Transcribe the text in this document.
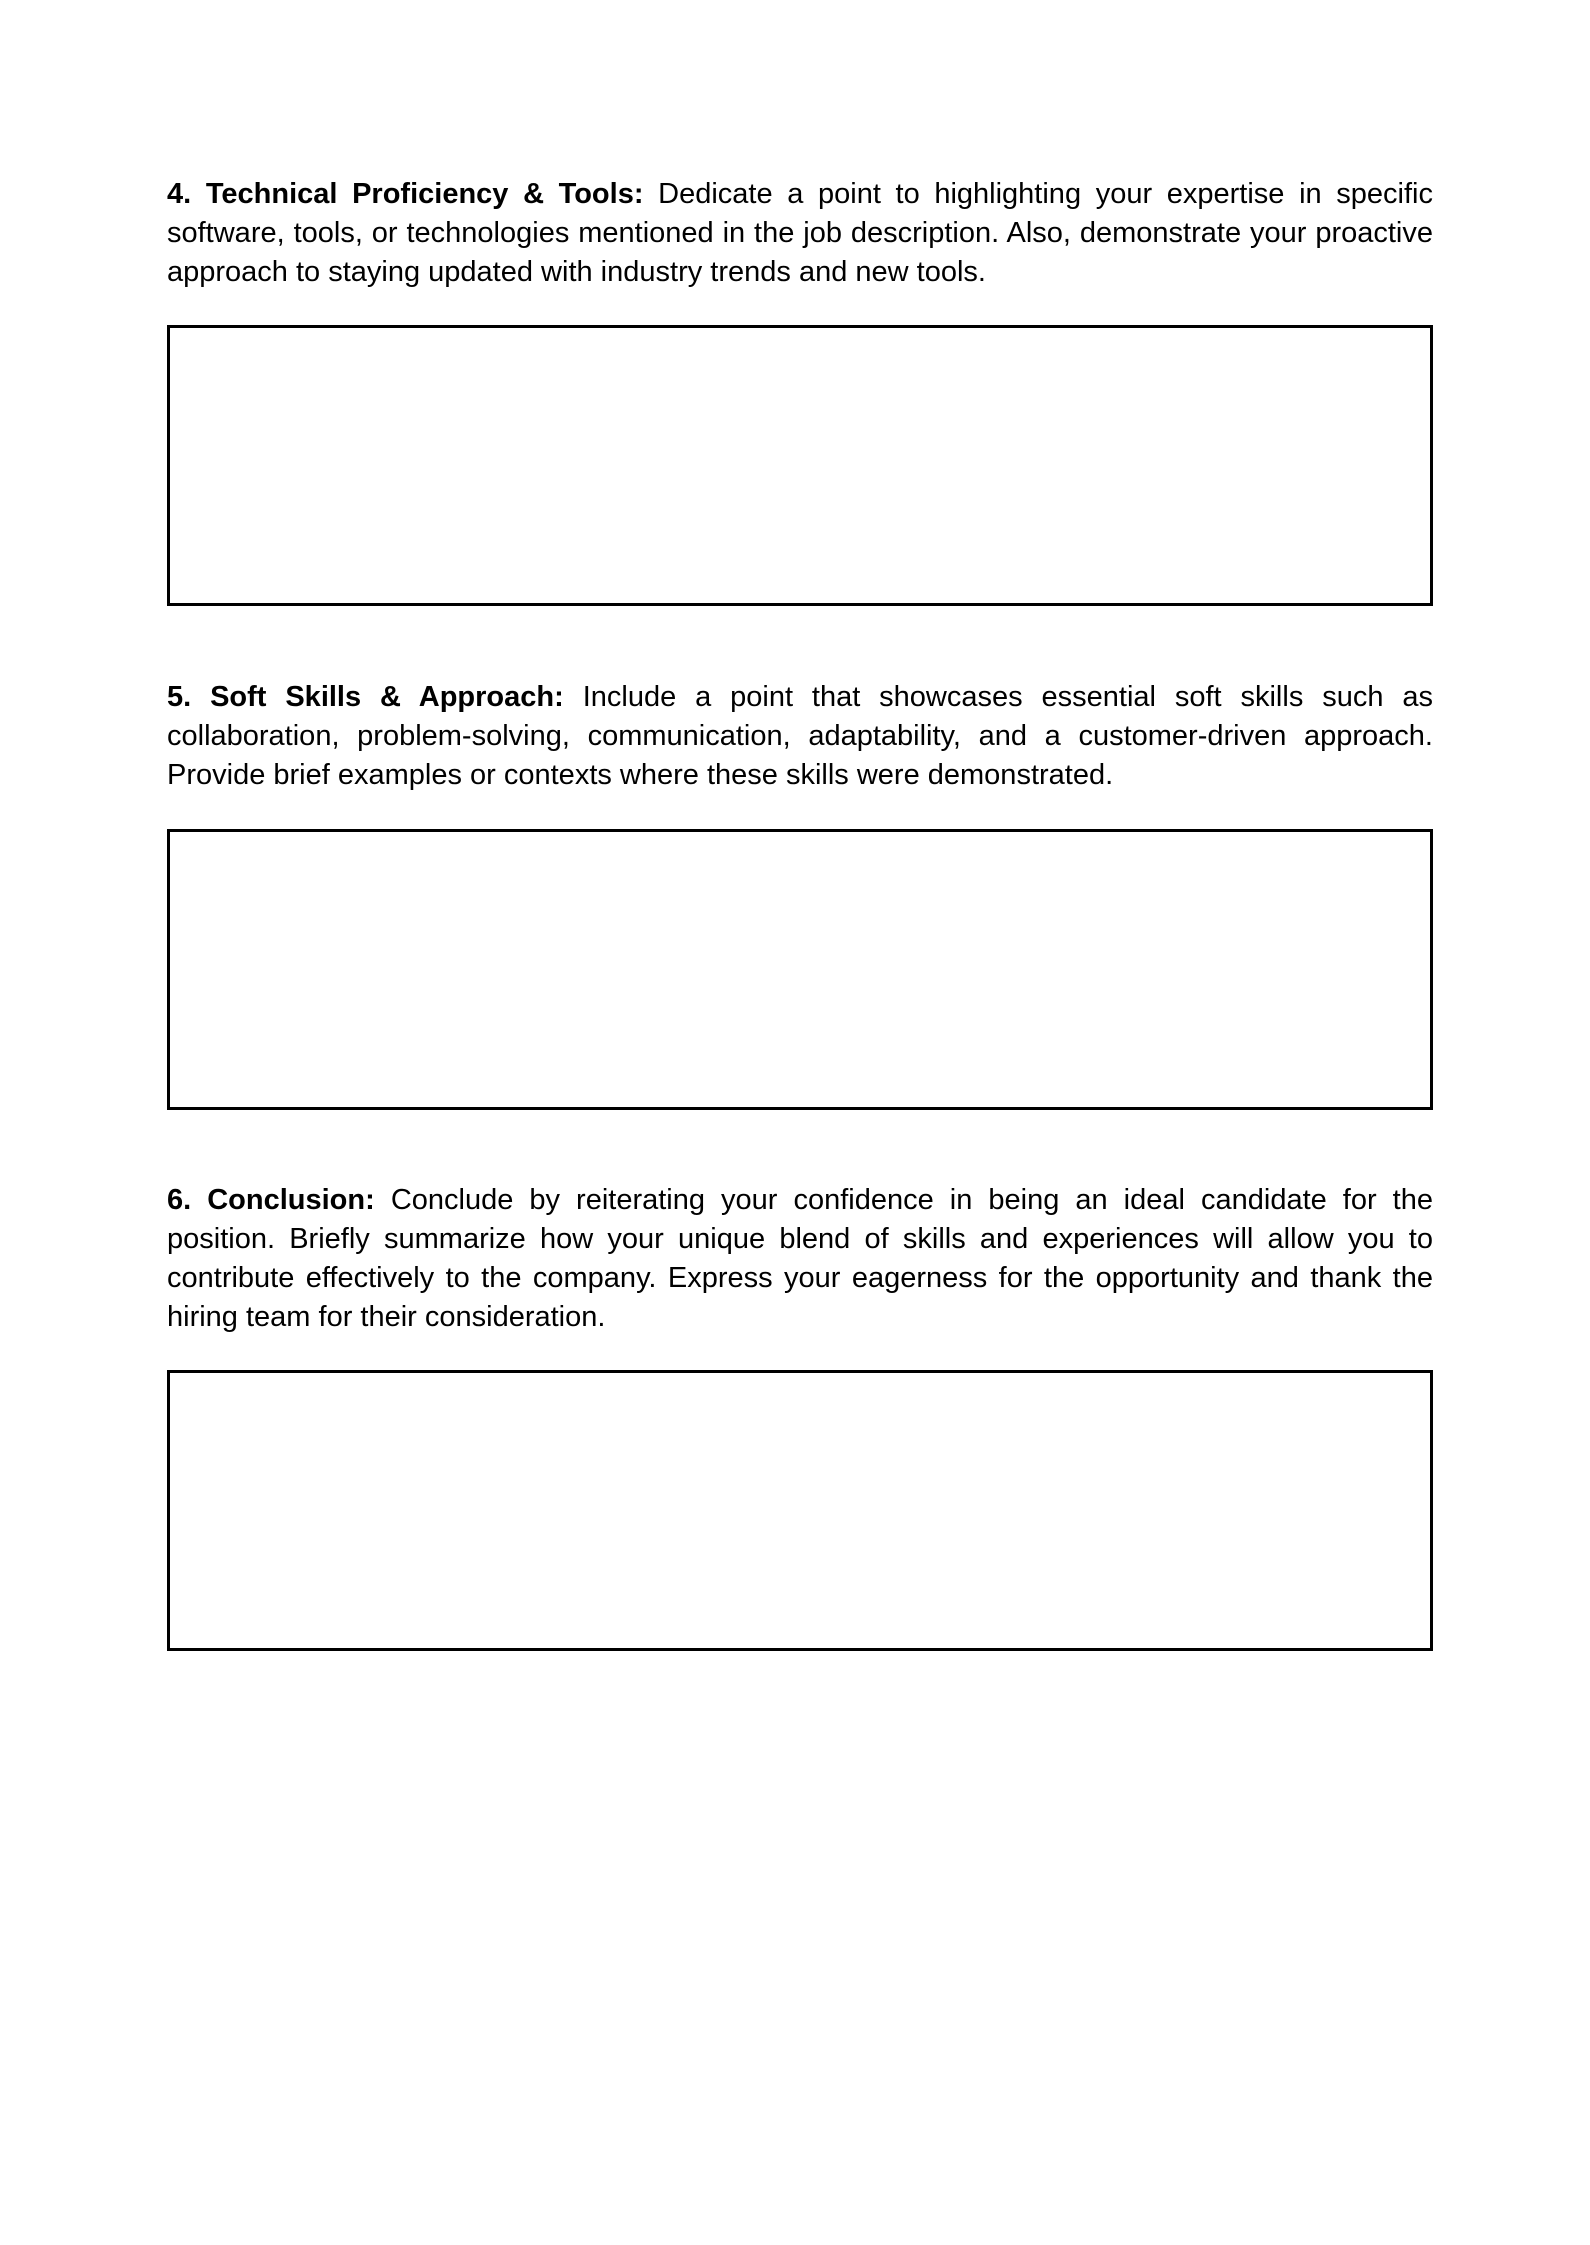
4. Technical Proficiency & Tools: Dedicate a point to highlighting your expertise in specific software, tools, or technologies mentioned in the job description. Also, demonstrate your proactive approach to staying updated with industry trends and new tools.

5. Soft Skills & Approach: Include a point that showcases essential soft skills such as collaboration, problem-solving, communication, adaptability, and a customer-driven approach. Provide brief examples or contexts where these skills were demonstrated.

6. Conclusion: Conclude by reiterating your confidence in being an ideal candidate for the position. Briefly summarize how your unique blend of skills and experiences will allow you to contribute effectively to the company. Express your eagerness for the opportunity and thank the hiring team for their consideration.
